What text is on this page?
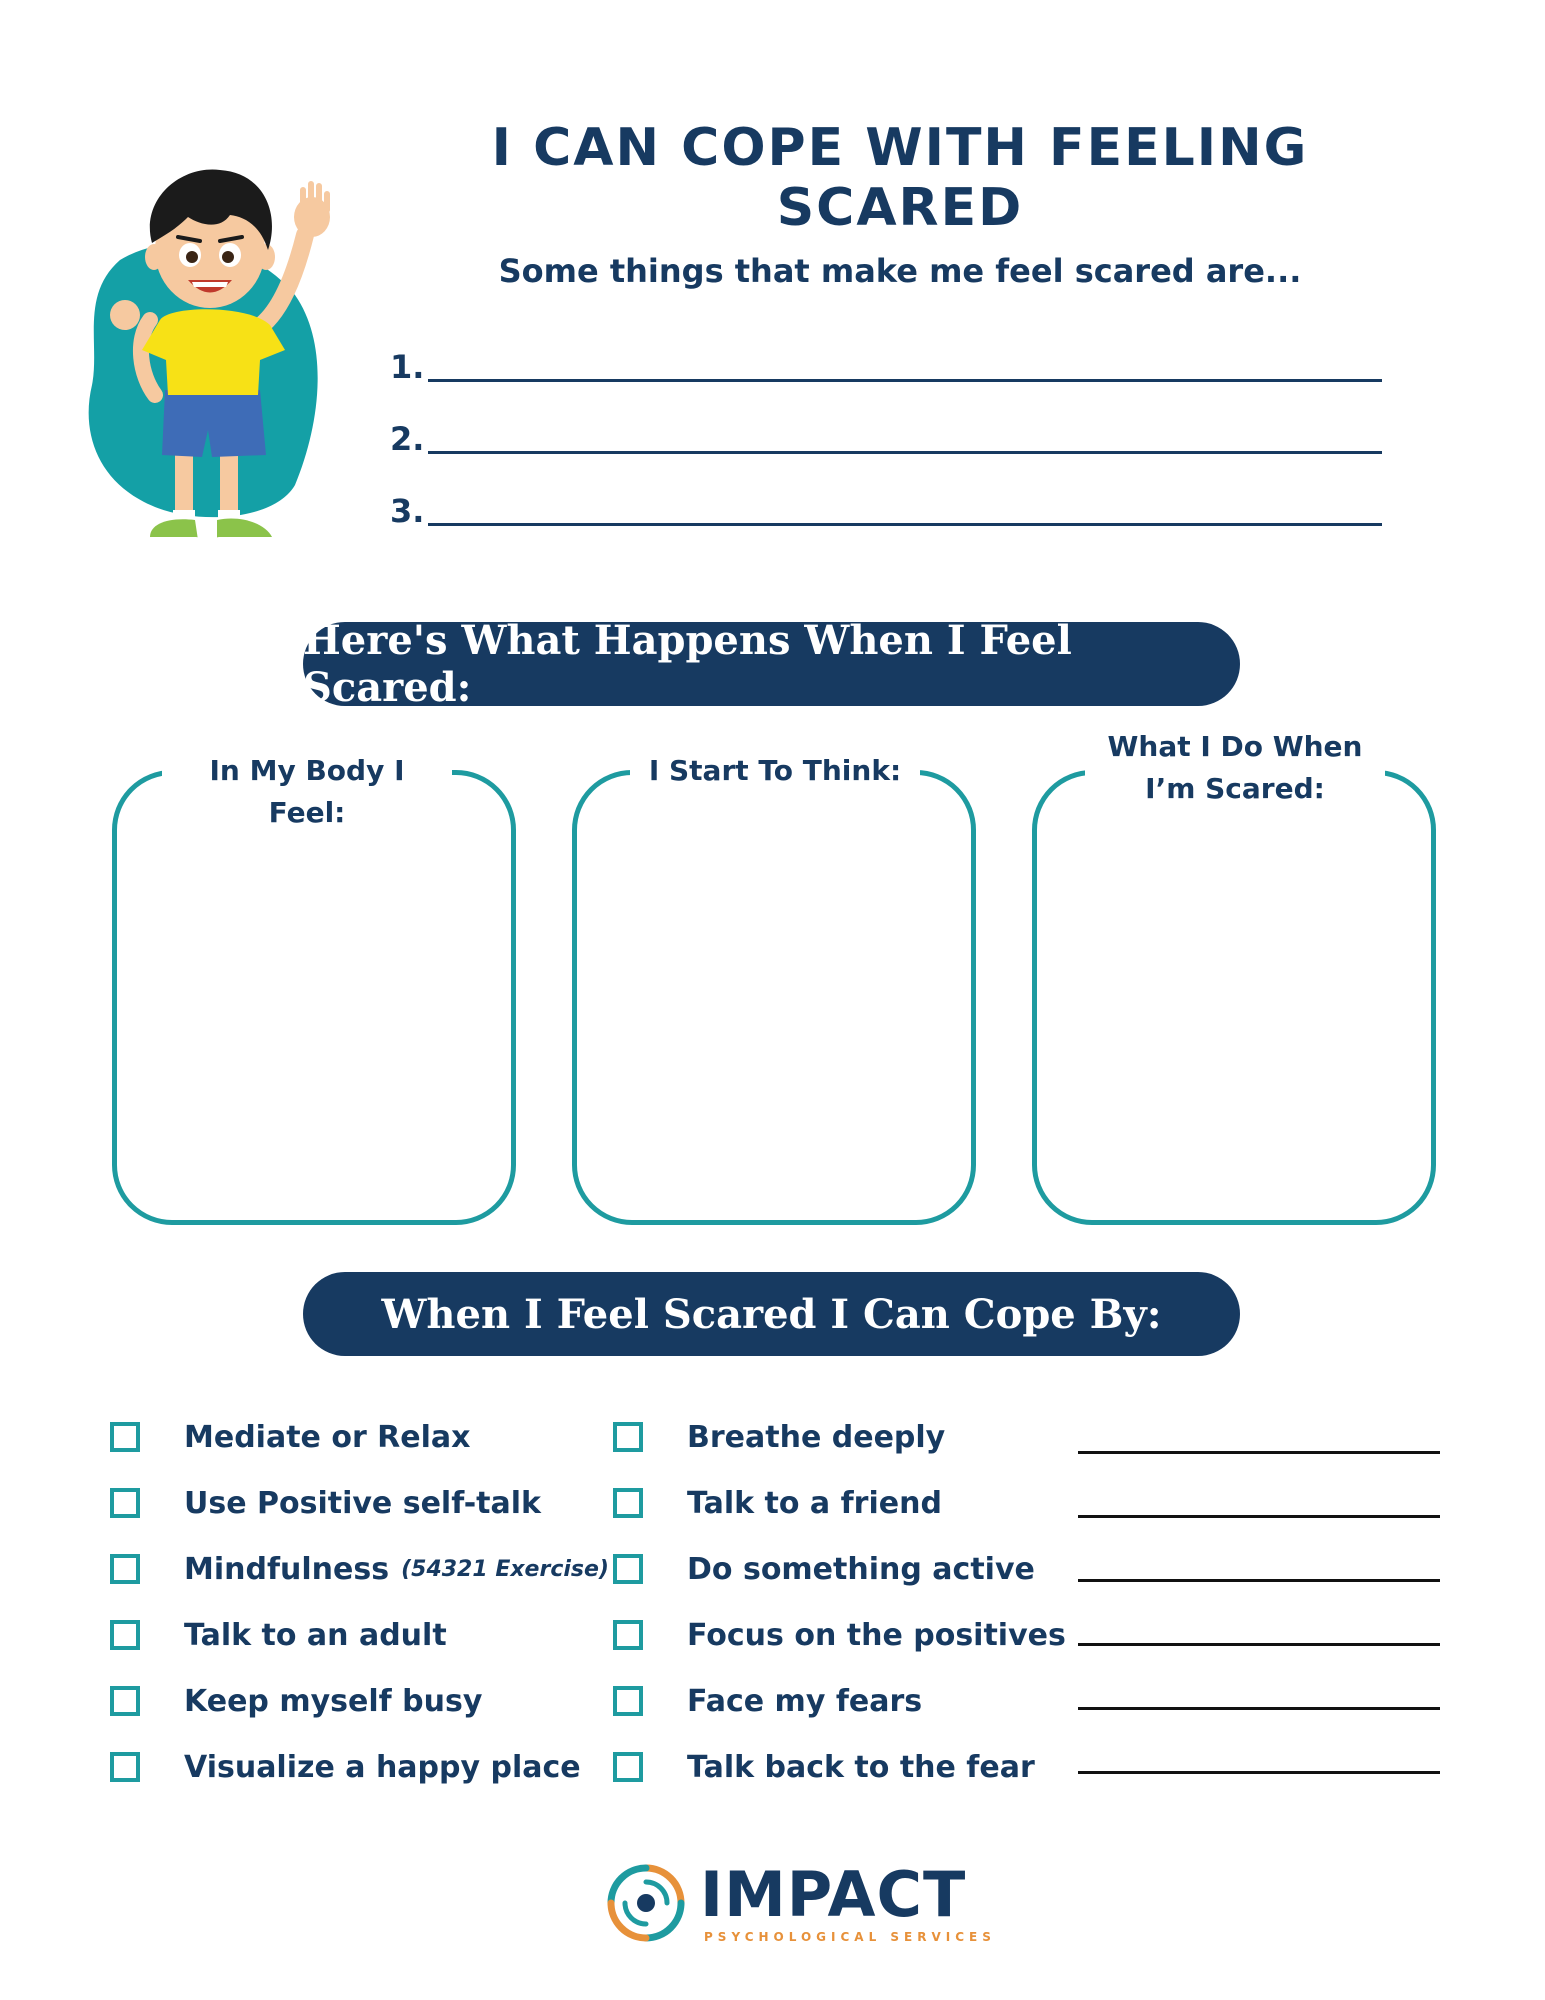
I CAN COPE WITH FEELING SCARED
Some things that make me feel scared are...
1.
2.
3.
Here's What Happens When I Feel Scared:
In My Body I Feel:
I Start To Think:
What I Do When
I’m Scared:
When I Feel Scared I Can Cope By:
Mediate or Relax
Use Positive self-talk
Mindfulness (54321 Exercise)
Talk to an adult
Keep myself busy
Visualize a happy place
Breathe deeply
Talk to a friend
Do something active
Focus on the positives
Face my fears
Talk back to the fear
IMPACT
PSYCHOLOGICAL SERVICES
